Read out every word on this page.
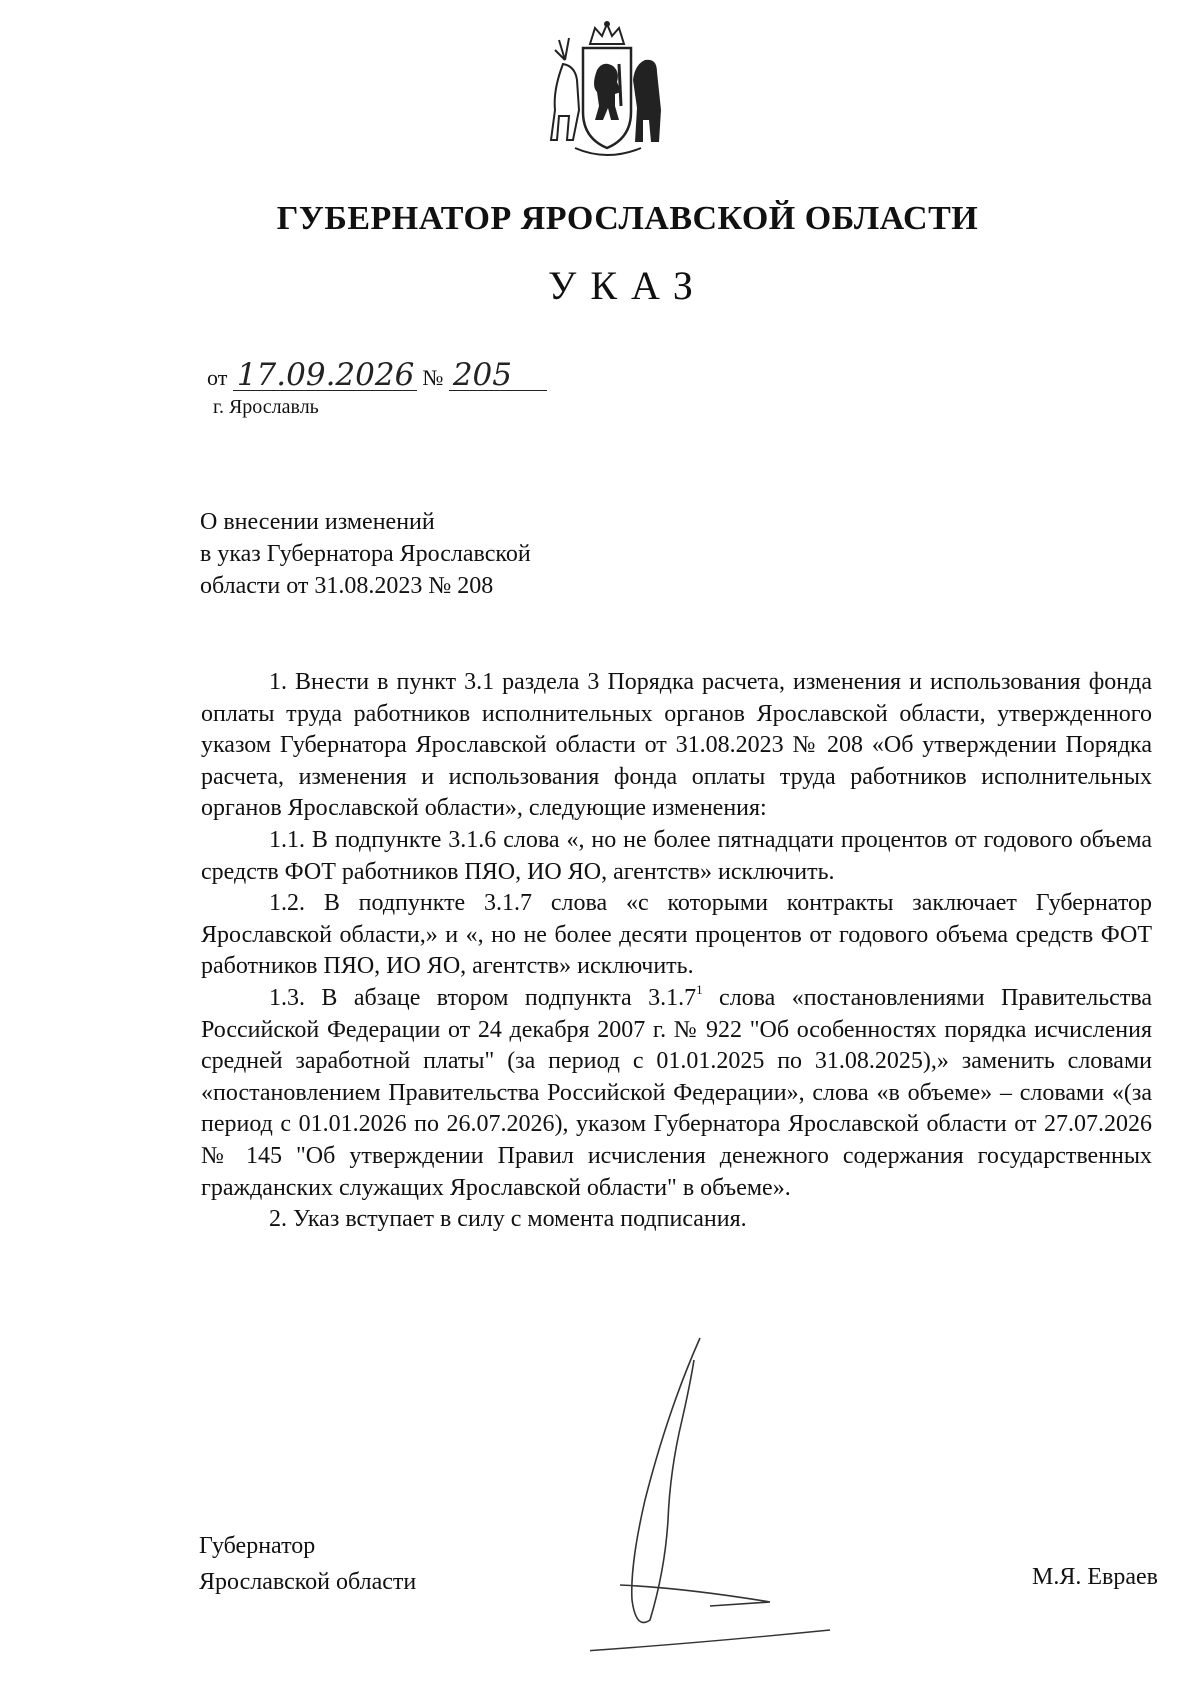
ГУБЕРНАТОР ЯРОСЛАВСКОЙ ОБЛАСТИ
УКАЗ
от 17.09.2026 № 205
г. Ярославль
О внесении изменений
в указ Губернатора Ярославской
области от 31.08.2023 № 208

1. Внести в пункт 3.1 раздела 3 Порядка расчета, изменения и использования фонда оплаты труда работников исполнительных органов Ярославской области, утвержденного указом Губернатора Ярославской области от 31.08.2023 № 208 «Об утверждении Порядка расчета, изменения и использования фонда оплаты труда работников исполнительных органов Ярославской области», следующие изменения:

1.1. В подпункте 3.1.6 слова «, но не более пятнадцати процентов от годового объема средств ФОТ работников ПЯО, ИО ЯО, агентств» исключить.

1.2. В подпункте 3.1.7 слова «с которыми контракты заключает Губернатор Ярославской области,» и «, но не более десяти процентов от годового объема средств ФОТ работников ПЯО, ИО ЯО, агентств» исключить.

1.3. В абзаце втором подпункта 3.1.7$^1$ слова «постановлениями Правительства Российской Федерации от 24 декабря 2007 г. № 922 "Об особенностях порядка исчисления средней заработной платы" (за период с 01.01.2025 по 31.08.2025),» заменить словами «постановлением Правительства Российской Федерации», слова «в объеме» – словами «(за период с 01.01.2026 по 26.07.2026), указом Губернатора Ярославской области от 27.07.2026 № 145 "Об утверждении Правил исчисления денежного содержания государственных гражданских служащих Ярославской области" в объеме».

2. Указ вступает в силу с момента подписания.

Губернатор
Ярославской области	М.Я. Евраев
